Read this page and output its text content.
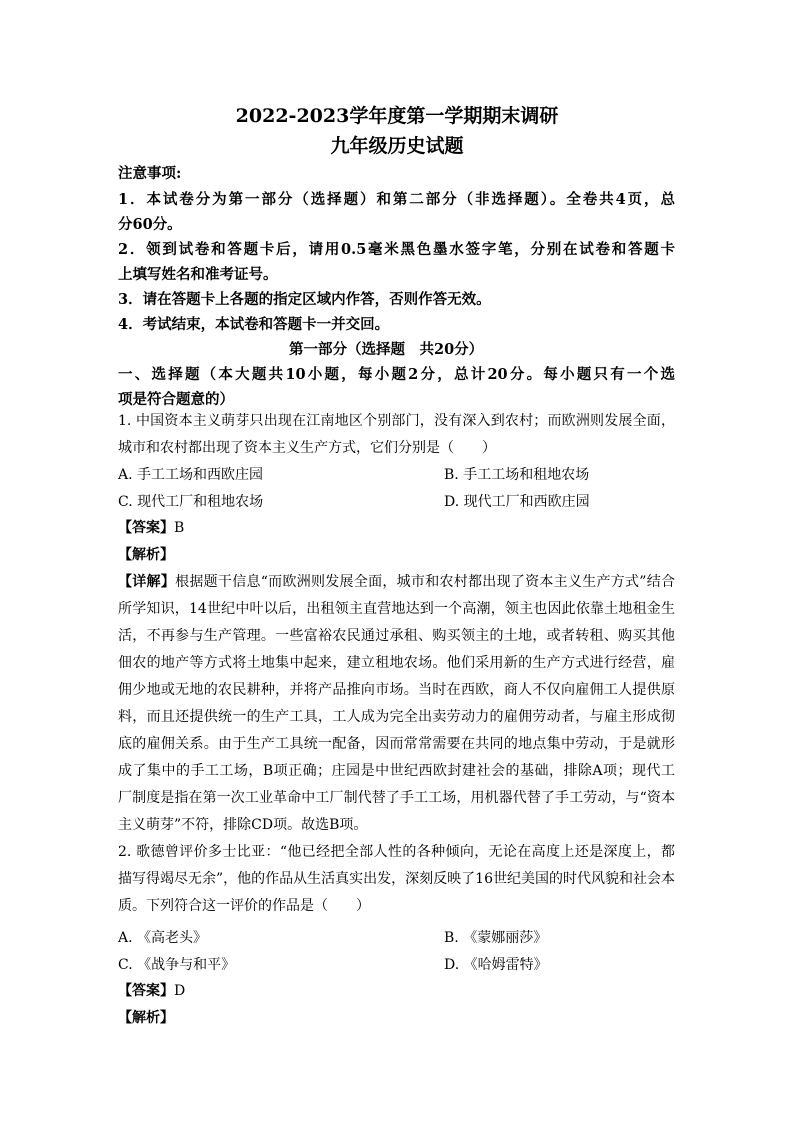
2022-2023学年度第一学期期末调研
九年级历史试题
注意事项:
1．本试卷分为第一部分（选择题）和第二部分（非选择题）。全卷共4页，总
分60分。
2．领到试卷和答题卡后，请用0.5毫米黑色墨水签字笔，分别在试卷和答题卡
上填写姓名和准考证号。
3．请在答题卡上各题的指定区域内作答，否则作答无效。
4．考试结束，本试卷和答题卡一并交回。
第一部分（选择题　共20分）
一、选择题（本大题共10小题，每小题2分，总计20分。每小题只有一个选
项是符合题意的）
1. 中国资本主义萌芽只出现在江南地区个别部门，没有深入到农村；而欧洲则发展全面，
城市和农村都出现了资本主义生产方式，它们分别是（　　）
A. 手工工场和西欧庄园	B. 手工工场和租地农场
C. 现代工厂和租地农场	D. 现代工厂和西欧庄园
【答案】B
【解析】
【详解】根据题干信息“而欧洲则发展全面，城市和农村都出现了资本主义生产方式”结合
所学知识，14世纪中叶以后，出租领主直营地达到一个高潮，领主也因此依靠土地租金生
活，不再参与生产管理。一些富裕农民通过承租、购买领主的土地，或者转租、购买其他
佃农的地产等方式将土地集中起来，建立租地农场。他们采用新的生产方式进行经营，雇
佣少地或无地的农民耕种，并将产品推向市场。当时在西欧，商人不仅向雇佣工人提供原
料，而且还提供统一的生产工具，工人成为完全出卖劳动力的雇佣劳动者，与雇主形成彻
底的雇佣关系。由于生产工具统一配备，因而常常需要在共同的地点集中劳动，于是就形
成了集中的手工工场，B项正确；庄园是中世纪西欧封建社会的基础，排除A项；现代工
厂制度是指在第一次工业革命中工厂制代替了手工工场，用机器代替了手工劳动，与“资本
主义萌芽”不符，排除CD项。故选B项。
2. 歌德曾评价多士比亚：“他已经把全部人性的各种倾向，无论在高度上还是深度上，都
描写得竭尽无余”，他的作品从生活真实出发，深刻反映了16世纪美国的时代风貌和社会本
质。下列符合这一评价的作品是（　　）
A. 《高老头》	B. 《蒙娜丽莎》
C. 《战争与和平》	D. 《哈姆雷特》
【答案】D
【解析】
